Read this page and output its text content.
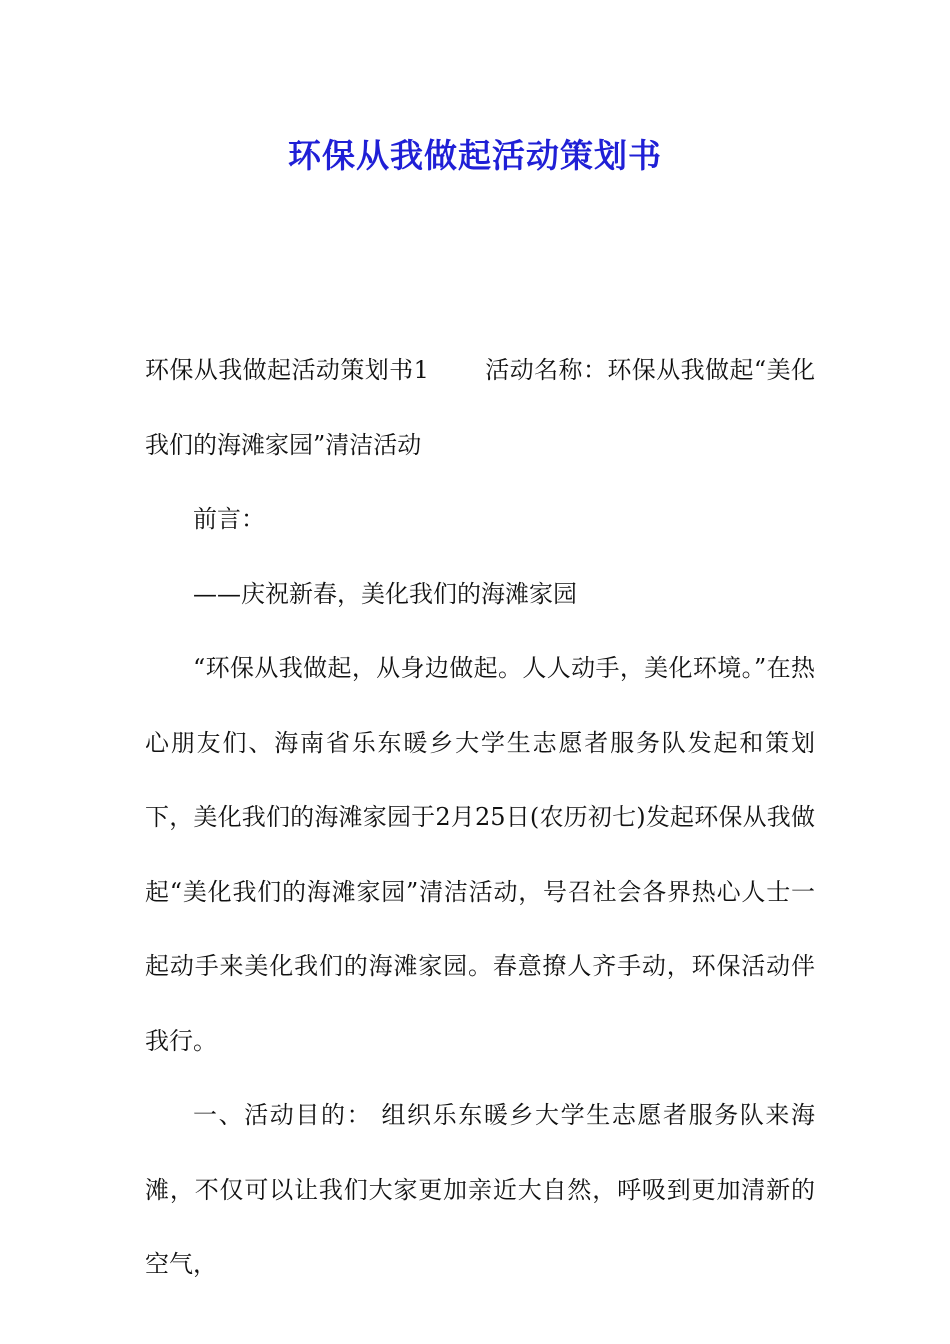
环保从我做起活动策划书

环保从我做起活动策划书1 活动名称：环保从我做起“美化我们的海滩家园”清洁活动

前言：

——庆祝新春，美化我们的海滩家园

“环保从我做起，从身边做起。人人动手，美化环境。”在热心朋友们、海南省乐东暖乡大学生志愿者服务队发起和策划下，美化我们的海滩家园于2月25日(农历初七)发起环保从我做起“美化我们的海滩家园”清洁活动，号召社会各界热心人士一起动手来美化我们的海滩家园。春意撩人齐手动，环保活动伴我行。

一、活动目的： 组织乐东暖乡大学生志愿者服务队来海滩，不仅可以让我们大家更加亲近大自然，呼吸到更加清新的空气，
